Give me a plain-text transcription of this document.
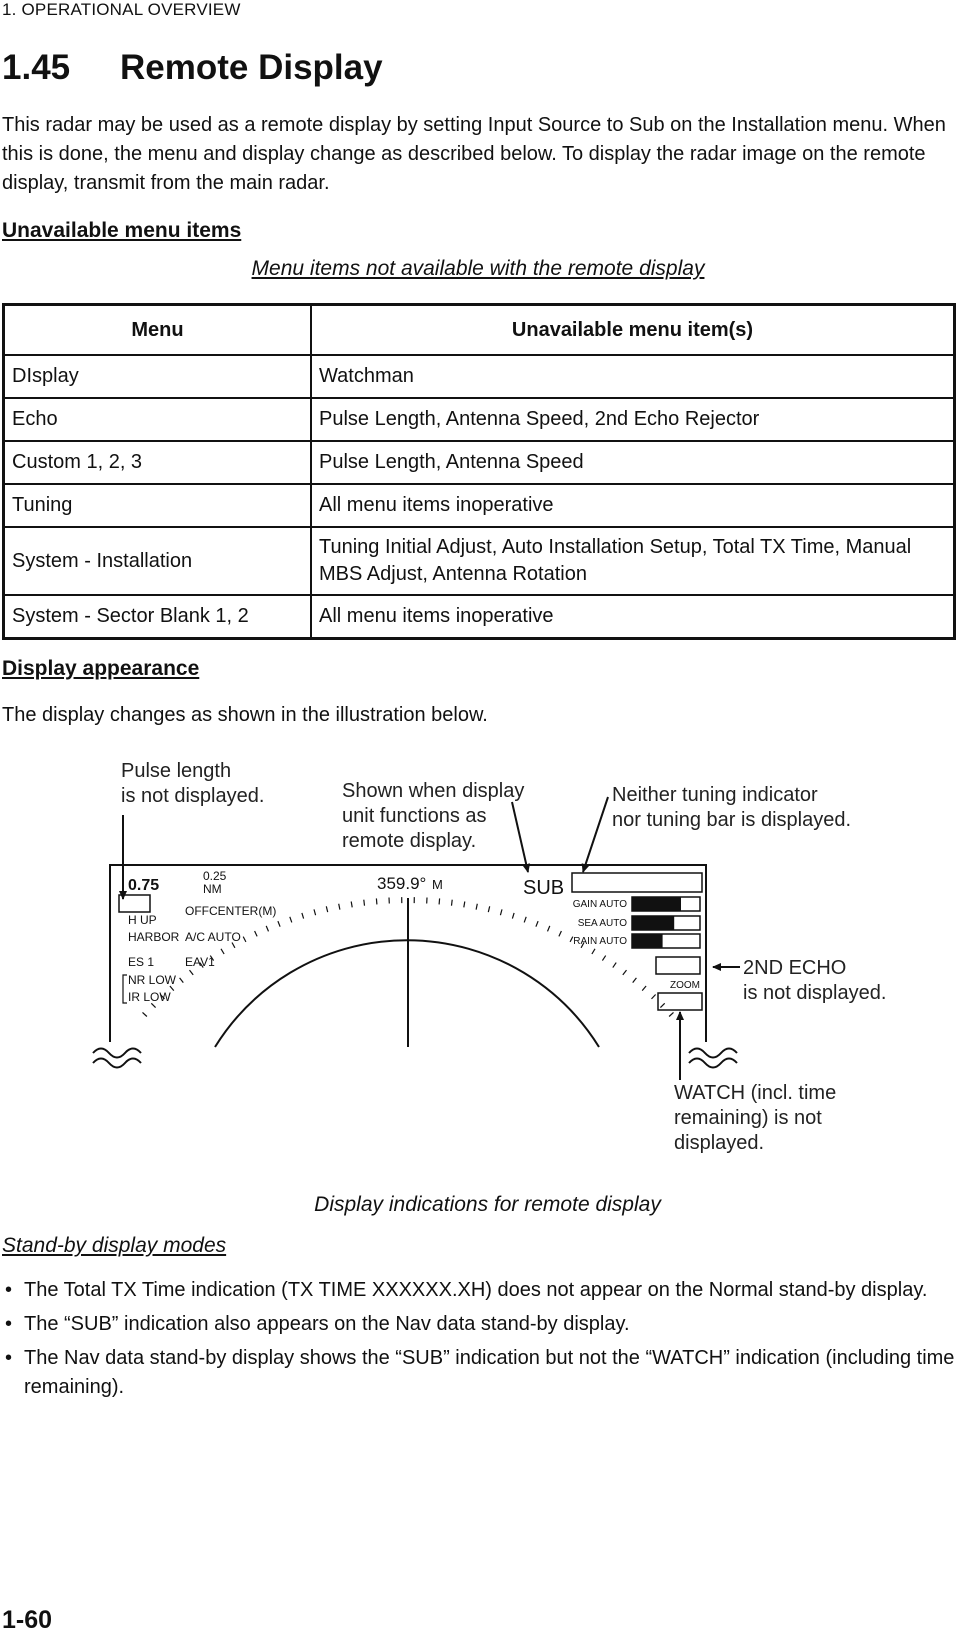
1. OPERATIONAL OVERVIEW
1.45 Remote Display

This radar may be used as a remote display by setting Input Source to Sub on the Installation menu. When this is done, the menu and display change as described below. To display the radar image on the remote display, transmit from the main radar.

Unavailable menu items
Menu items not available with the remote display
Menu	Unavailable menu item(s)
DIsplay	Watchman
Echo	Pulse Length, Antenna Speed, 2nd Echo Rejector
Custom 1, 2, 3	Pulse Length, Antenna Speed
Tuning	All menu items inoperative
System - Installation	Tuning Initial Adjust, Auto Installation Setup, Total TX Time, Manual MBS Adjust, Antenna Rotation
System - Sector Blank 1, 2	All menu items inoperative
Display appearance

The display changes as shown in the illustration below.

Pulse length
is not displayed.	Shown when display
unit functions as
remote display.
Neither tuning indicator
nor tuning bar is displayed.
2ND ECHO
is not displayed.
WATCH (incl. time
remaining) is not
displayed.
0.75
0.25
NM	359.9° M	SUB
H UP
OFFCENTER(M)
HARBOR A/C AUTO
ES 1	EAV1
NR LOW
IR LOW
GAIN AUTO
SEA AUTO
RAIN AUTO
ZOOM
Display indications for remote display
Stand-by display modes
• The Total TX Time indication (TX TIME XXXXXX.XH) does not appear on the Normal stand-by display.
• The “SUB” indication also appears on the Nav data stand-by display.
• The Nav data stand-by display shows the “SUB” indication but not the “WATCH” indication (including time remaining).
1-60
